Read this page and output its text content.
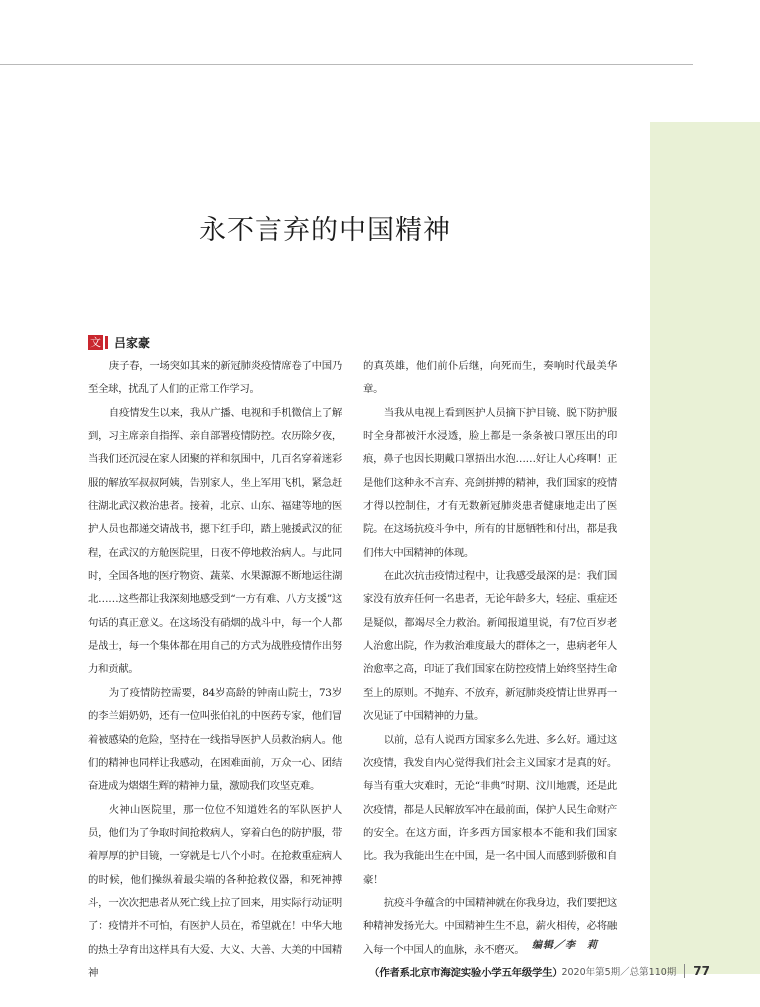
永不言弃的中国精神
文 吕家豪

庚子春，一场突如其来的新冠肺炎疫情席卷了中国乃至全球，扰乱了人们的正常工作学习。

自疫情发生以来，我从广播、电视和手机微信上了解到，习主席亲自指挥、亲自部署疫情防控。农历除夕夜，当我们还沉浸在家人团聚的祥和氛围中，几百名穿着迷彩服的解放军叔叔阿姨，告别家人，坐上军用飞机，紧急赶往湖北武汉救治患者。接着，北京、山东、福建等地的医护人员也都递交请战书，摁下红手印，踏上驰援武汉的征程，在武汉的方舱医院里，日夜不停地救治病人。与此同时，全国各地的医疗物资、蔬菜、水果源源不断地运往湖北……这些都让我深刻地感受到“一方有难、八方支援”这句话的真正意义。在这场没有硝烟的战斗中，每一个人都是战士，每一个集体都在用自己的方式为战胜疫情作出努力和贡献。

为了疫情防控需要，84岁高龄的钟南山院士，73岁的李兰娟奶奶，还有一位叫张伯礼的中医药专家，他们冒着被感染的危险，坚持在一线指导医护人员救治病人。他们的精神也同样让我感动，在困难面前，万众一心、团结奋进成为熠熠生辉的精神力量，激励我们攻坚克难。

火神山医院里，那一位位不知道姓名的军队医护人员，他们为了争取时间抢救病人，穿着白色的防护服，带着厚厚的护目镜，一穿就是七八个小时。在抢救重症病人的时候，他们操纵着最尖端的各种抢救仪器，和死神搏斗，一次次把患者从死亡线上拉了回来，用实际行动证明了：疫情并不可怕，有医护人员在，希望就在！中华大地的热土孕育出这样具有大爱、大义、大善、大美的中国精神

的真英雄，他们前仆后继，向死而生，奏响时代最美华章。

当我从电视上看到医护人员摘下护目镜、脱下防护服时全身都被汗水浸透，脸上都是一条条被口罩压出的印痕，鼻子也因长期戴口罩捂出水泡……好让人心疼啊！正是他们这种永不言弃、亮剑拼搏的精神，我们国家的疫情才得以控制住，才有无数新冠肺炎患者健康地走出了医院。在这场抗疫斗争中，所有的甘愿牺牲和付出，都是我们伟大中国精神的体现。

在此次抗击疫情过程中，让我感受最深的是：我们国家没有放弃任何一名患者，无论年龄多大，轻症、重症还是疑似，都竭尽全力救治。新闻报道里说，有7位百岁老人治愈出院，作为救治难度最大的群体之一，患病老年人治愈率之高，印证了我们国家在防控疫情上始终坚持生命至上的原则。不抛弃、不放弃，新冠肺炎疫情让世界再一次见证了中国精神的力量。

以前，总有人说西方国家多么先进、多么好。通过这次疫情，我发自内心觉得我们社会主义国家才是真的好。每当有重大灾难时，无论“非典”时期、汶川地震，还是此次疫情，都是人民解放军冲在最前面，保护人民生命财产的安全。在这方面，许多西方国家根本不能和我们国家比。我为我能出生在中国，是一名中国人而感到骄傲和自豪！

抗疫斗争蕴含的中国精神就在你我身边，我们要把这种精神发扬光大。中国精神生生不息，薪火相传，必将融入每一个中国人的血脉，永不磨灭。

（作者系北京市海淀实验小学五年级学生）

编辑／李　莉
2020年第5期／总第110期 77
